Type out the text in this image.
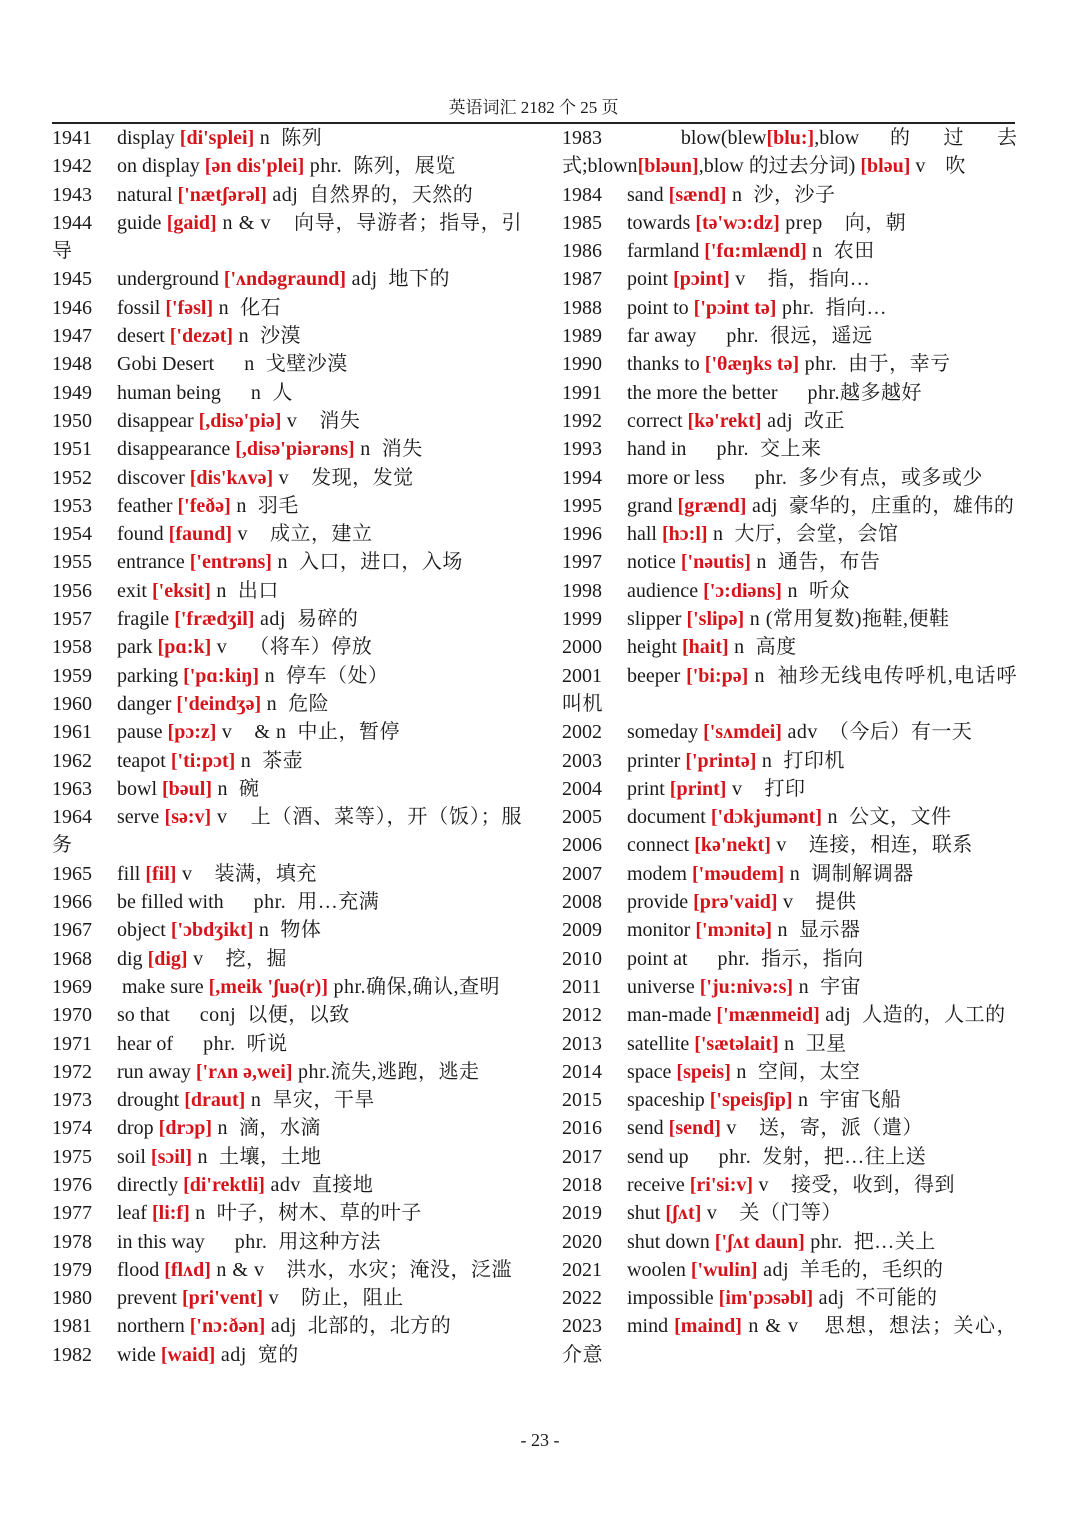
英语词汇 2182 个 25 页
1941 display [di'splei] n  陈列
1942 on display [ən dis'plei] phr.  陈列，展览
1943 natural ['nætʃərəl] adj  自然界的，天然的
1944 guide [gaid] n & v    向导，导游者；指导，引导
1945 underground ['ʌndəgraund] adj  地下的
1946 fossil ['fəsl] n  化石
1947 desert ['dezət] n  沙漠
1948 Gobi Desert      n  戈壁沙漠
1949 human being      n  人
1950 disappear [,disə'piə] v    消失
1951 disappearance [,disə'piərəns] n  消失
1952 discover [dis'kʌvə] v    发现，发觉
1953 feather ['feðə] n  羽毛
1954 found [faund] v    成立，建立
1955 entrance ['entrəns] n  入口，进口，入场
1956 exit ['eksit] n  出口
1957 fragile ['frædʒil] adj  易碎的
1958 park [pɑ:k] v    （将车）停放
1959 parking ['pɑ:kiŋ] n  停车（处）
1960 danger ['deindʒə] n  危险
1961 pause [pɔ:z] v    & n  中止，暂停
1962 teapot ['ti:pɔt] n  茶壶
1963 bowl [bəul] n  碗
1964 serve [sə:v] v    上（酒、菜等），开（饭）；服务
1965 fill [fil] v    装满，填充
1966 be filled with      phr.  用…充满
1967 object ['ɔbdʒikt] n  物体
1968 dig [dig] v    挖，掘
1969 make sure [,meik 'ʃuə(r)] phr.确保,确认,查明
1970 so that      conj  以便，以致
1971 hear of      phr.  听说
1972 run away ['rʌn ə,wei] phr.流失,逃跑，逃走
1973 drought [draut] n  旱灾，干旱
1974 drop [drɔp] n  滴，水滴
1975 soil [sɔil] n  土壤，土地
1976 directly [di'rektli] adv  直接地
1977 leaf [li:f] n  叶子，树木、草的叶子
1978 in this way      phr.  用这种方法
1979 flood [flʌd] n & v    洪水，水灾；淹没，泛滥
1980 prevent [pri'vent] v    防止，阻止
1981 northern ['nɔ:ðən] adj  北部的，北方的
1982 wide [waid] adj  宽的
1983       blow(blew[blu:],blow    的    过    去式;blown[bləun],blow 的过去分词) [bləu] v    吹
1984 sand [sænd] n  沙，沙子
1985 towards [tə'wɔ:dz] prep    向，朝
1986 farmland ['fɑ:mlænd] n  农田
1987 point [pɔint] v    指，指向…
1988 point to ['pɔint tə] phr.  指向…
1989 far away      phr.  很远，遥远
1990 thanks to ['θæŋks tə] phr.  由于，幸亏
1991 the more the better      phr.越多越好
1992 correct [kə'rekt] adj  改正
1993 hand in      phr.  交上来
1994 more or less      phr.  多少有点，或多或少
1995 grand [grænd] adj  豪华的，庄重的，雄伟的
1996 hall [hɔ:l] n  大厅，会堂，会馆
1997 notice ['nəutis] n  通告，布告
1998 audience ['ɔ:diəns] n  听众
1999 slipper ['slipə] n (常用复数)拖鞋,便鞋
2000 height [hait] n  高度
2001 beeper ['bi:pə] n  袖珍无线电传呼机,电话呼叫机
2002 someday ['sʌmdei] adv  （今后）有一天
2003 printer ['printə] n  打印机
2004 print [print] v    打印
2005 document ['dɔkjumənt] n  公文，文件
2006 connect [kə'nekt] v    连接，相连，联系
2007 modem ['məudem] n  调制解调器
2008 provide [prə'vaid] v    提供
2009 monitor ['mɔnitə] n  显示器
2010 point at      phr.  指示，指向
2011 universe ['ju:nivə:s] n  宇宙
2012 man-made ['mænmeid] adj  人造的，人工的
2013 satellite ['sætəlait] n  卫星
2014 space [speis] n  空间，太空
2015 spaceship ['speisʃip] n  宇宙飞船
2016 send [send] v    送，寄，派（遣）
2017 send up      phr.  发射，把…往上送
2018 receive [ri'si:v] v    接受，收到，得到
2019 shut [ʃʌt] v    关（门等）
2020 shut down ['ʃʌt daun] phr.  把…关上
2021 woolen ['wulin] adj  羊毛的，毛织的
2022 impossible [im'pɔsəbl] adj  不可能的
2023 mind [maind] n & v    思想，想法；关心，介意
- 23 -
